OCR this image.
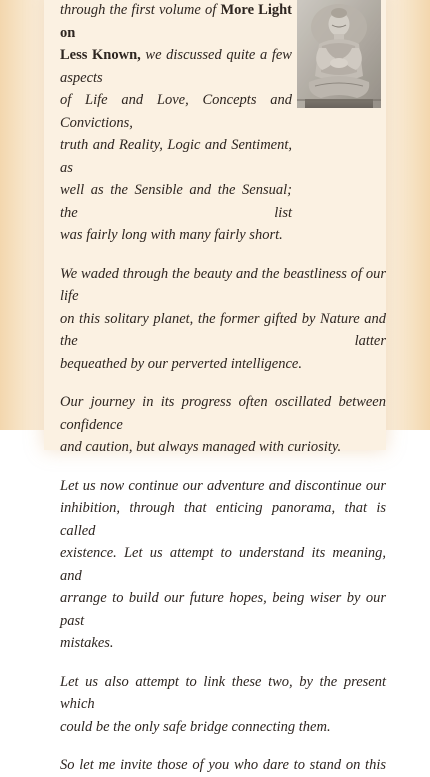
through the first volume of More Light on
Less Known, we discussed quite a few aspects
of Life and Love, Concepts and Convictions,
truth and Reality, Logic and Sentiment, as
well as the Sensible and the Sensual; the list
was fairly long with many fairly short.

We waded through the beauty and the beastliness of our life
on this solitary planet, the former gifted by Nature and the latter
bequeathed by our perverted intelligence.

Our journey in its progress often oscillated between confidence
and caution, but always managed with curiosity.

Let us now continue our adventure and discontinue our
inhibition, through that enticing panorama, that is called
existence. Let us attempt to understand its meaning, and
arrange to build our future hopes, being wiser by our past
mistakes.

Let us also attempt to link these two, by the present which
could be the only safe bridge connecting them.

So let me invite those of you who dare to stand on this
